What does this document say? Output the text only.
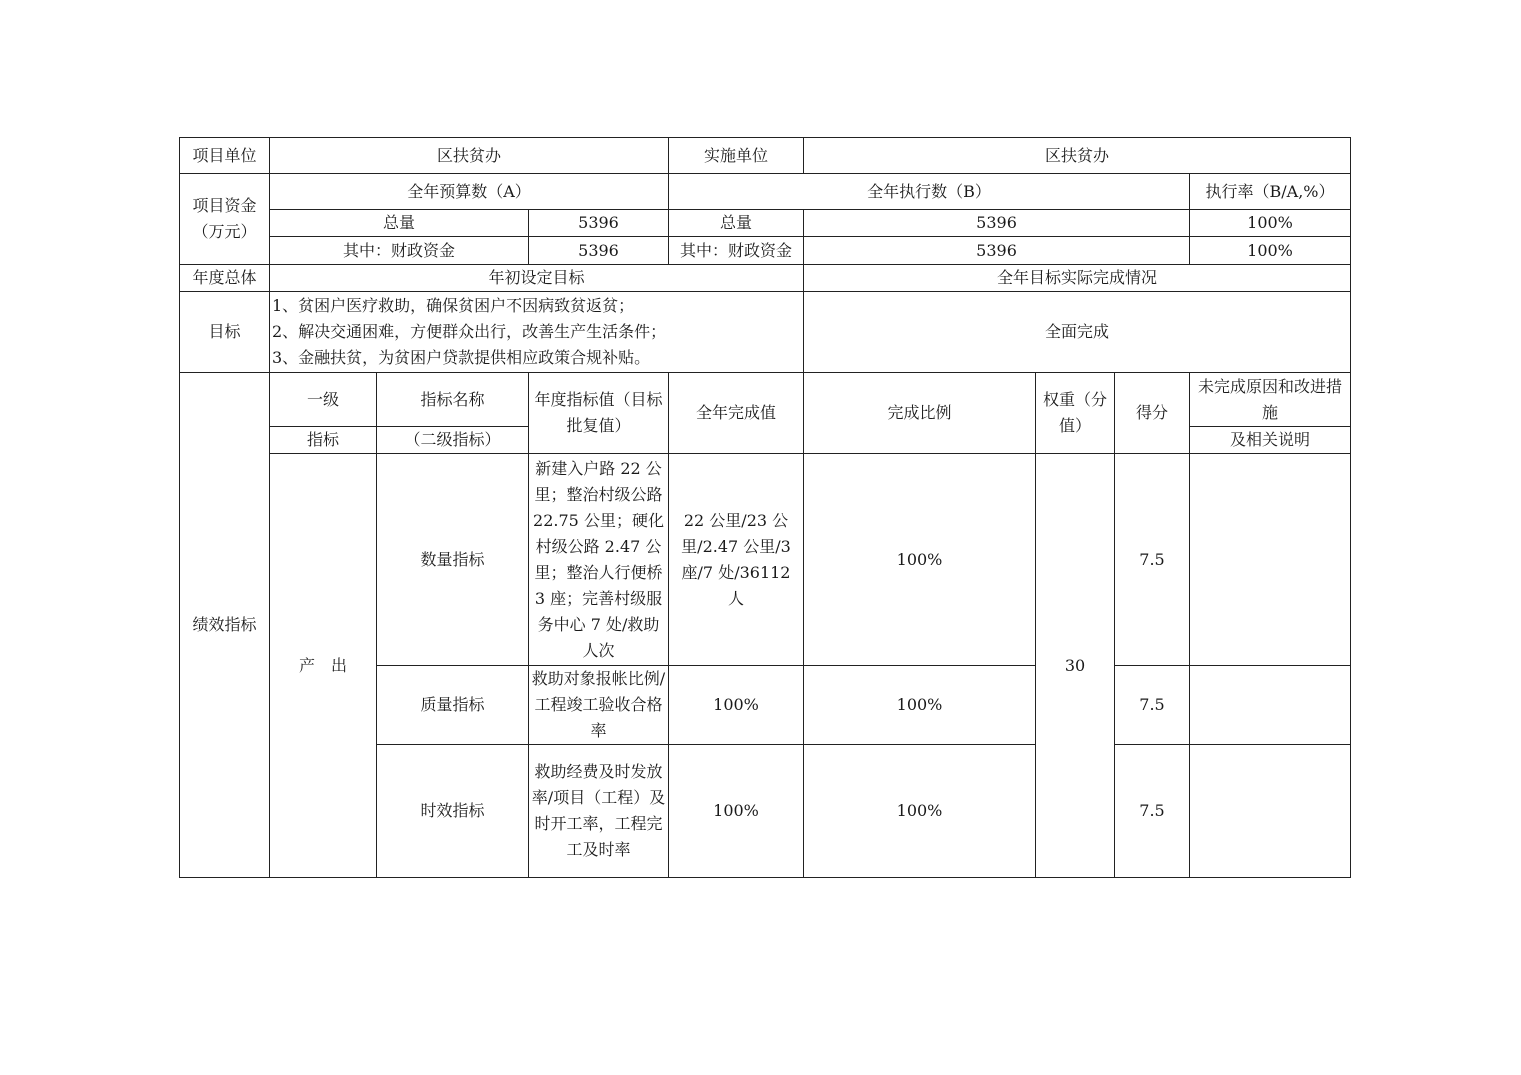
项目单位	区扶贫办			实施单位	区扶贫办			

项目资金
（万元）	全年预算数（A）			全年执行数（B）				执行率（B/A,%）
	总量		5396	总量	5396			100%
	其中：财政资金		5396	其中：财政资金	5396			100%
年度总体	年初设定目标				全年目标实际完成情况			
目标	1、贫困户医疗救助，确保贫困户不因病致贫返贫；
2、解决交通困难，方便群众出行，改善生产生活条件；
3、金融扶贫，为贫困户贷款提供相应政策合规补贴。				全面完成			
绩效指标	一级	指标名称	年度指标值（目标批复值）	全年完成值	完成比例	权重（分值）	得分	未完成原因和改进措施
	指标	（二级指标）						及相关说明
	产　出	数量指标	新建入户路 22 公里；整治村级公路 22.75 公里；硬化村级公路 2.47 公里；整治人行便桥 3 座；完善村级服务中心 7 处/救助人次	22 公里/23 公里/2.47 公里/3 座/7 处/36112 人	100%	30	7.5	
		质量指标	救助对象报帐比例/工程竣工验收合格率	100%	100%		7.5	
		时效指标	救助经费及时发放率/项目（工程）及时开工率，工程完工及时率	100%	100%		7.5	
